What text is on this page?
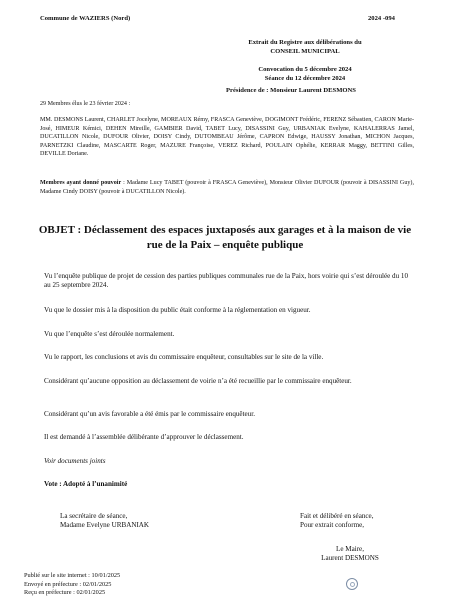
Commune de WAZIERS (Nord)	2024 -094
Extrait du Registre aux délibérations du
CONSEIL MUNICIPAL
Convocation du 5 décembre 2024
Séance du 12 décembre 2024
Présidence de : Monsieur Laurent DESMONS
29 Membres élus le 23 février 2024 :
MM. DESMONS Laurent, CHARLET Jocelyne, MOREAUX Rémy, FRASCA Geneviève, DOGIMONT Frédéric, FERENZ Sébastien, CARON Marie-José, HIMEUR Kémici, DEHEN Mireille, GAMBIER David, TABET Lucy, DISASSINI Guy, URBANIAK Evelyne, KAHALERRAS Jamel, DUCATILLON Nicole, DUFOUR Olivier, DOISY Cindy, DUTOMBEAU Jérôme, CAPRON Edwige, HAUSSY Jonathan, MICHON Jacques, PARNETZKI Claudine, MASCARTE Roger, MAZURE Françoise, VEREZ Richard, POULAIN Ophélie, KERRAR Maggy, BETTINI Gilles, DEVILLE Doriane.
Membres ayant donné pouvoir : Madame Lucy TABET (pouvoir à FRASCA Geneviève), Monsieur Olivier DUFOUR (pouvoir à DISASSINI Guy), Madame Cindy DOISY (pouvoir à DUCATILLON Nicole).
OBJET : Déclassement des espaces juxtaposés aux garages et à la maison de vie
rue de la Paix – enquête publique
Vu l’enquête publique de projet de cession des parties publiques communales rue de la Paix, hors voirie qui s’est déroulée du 10 au 25 septembre 2024.
Vu que le dossier mis à la disposition du public était conforme à la réglementation en vigueur.
Vu que l’enquête s’est déroulée normalement.
Vu le rapport, les conclusions et avis du commissaire enquêteur, consultables sur le site de la ville.
Considérant qu’aucune opposition au déclassement de voirie n’a été recueillie par le commissaire enquêteur.
Considérant qu’un avis favorable a été émis par le commissaire enquêteur.
Il est demandé à l’assemblée délibérante d’approuver le déclassement.
Voir documents joints
Vote : Adopté à l’unanimité
La secrétaire de séance,
Madame Evelyne URBANIAK
Fait et délibéré en séance,
Pour extrait conforme,
Le Maire,
Laurent DESMONS
Publié sur le site internet : 10/01/2025
Envoyé en préfecture : 02/01/2025
Reçu en préfecture : 02/01/2025
